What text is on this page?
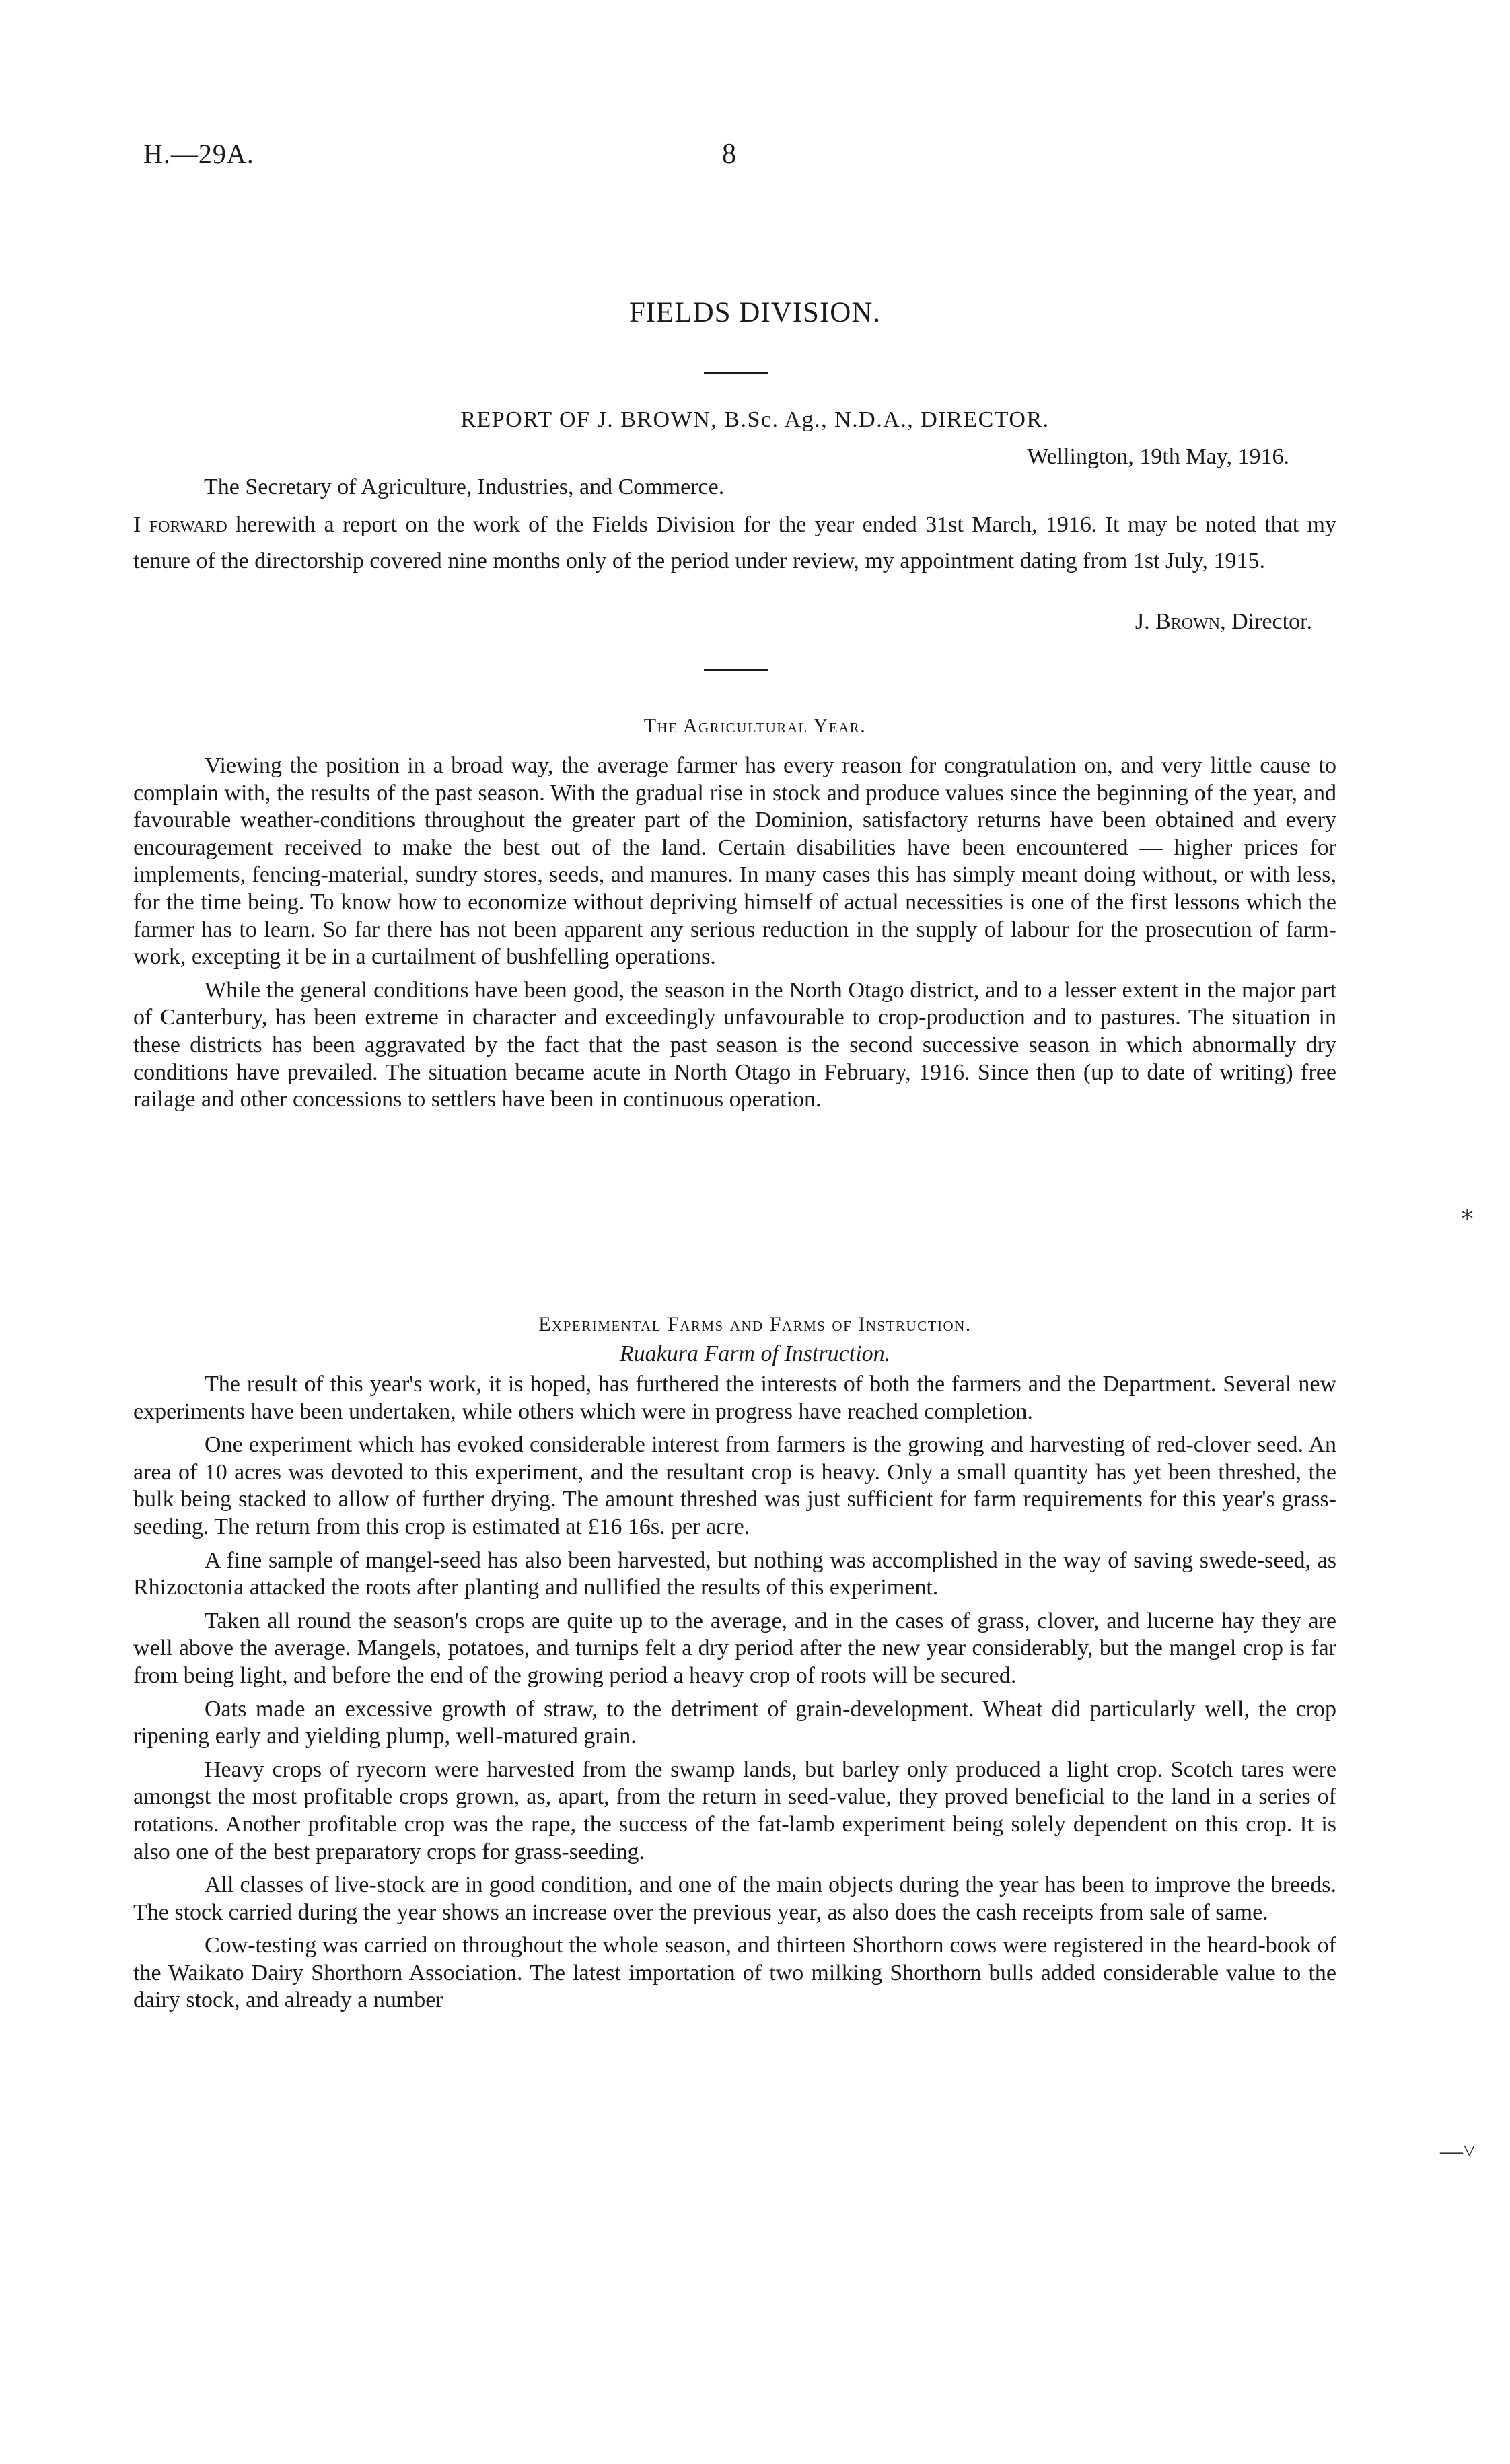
H.—29A.	8
FIELDS DIVISION.
REPORT OF J. BROWN, B.Sc. Ag., N.D.A., DIRECTOR.
Wellington, 19th May, 1916.
The Secretary of Agriculture, Industries, and Commerce.
I forward herewith a report on the work of the Fields Division for the year ended 31st March, 1916. It may be noted that my tenure of the directorship covered nine months only of the period under review, my appointment dating from 1st July, 1915.
J. Brown, Director.
The Agricultural Year.

Viewing the position in a broad way, the average farmer has every reason for congratulation on, and very little cause to complain with, the results of the past season. With the gradual rise in stock and produce values since the beginning of the year, and favourable weather-conditions throughout the greater part of the Dominion, satisfactory returns have been obtained and every encouragement received to make the best out of the land. Certain disabilities have been encountered — higher prices for implements, fencing-material, sundry stores, seeds, and manures. In many cases this has simply meant doing without, or with less, for the time being. To know how to economize without depriving himself of actual necessities is one of the first lessons which the farmer has to learn. So far there has not been apparent any serious reduction in the supply of labour for the prosecution of farm-work, excepting it be in a curtailment of bushfelling operations.

While the general conditions have been good, the season in the North Otago district, and to a lesser extent in the major part of Canterbury, has been extreme in character and exceedingly unfavourable to crop-production and to pastures. The situation in these districts has been aggravated by the fact that the past season is the second successive season in which abnormally dry conditions have prevailed. The situation became acute in North Otago in February, 1916. Since then (up to date of writing) free railage and other concessions to settlers have been in continuous operation.

Experimental Farms and Farms of Instruction.
Ruakura Farm of Instruction.

The result of this year's work, it is hoped, has furthered the interests of both the farmers and the Department. Several new experiments have been undertaken, while others which were in progress have reached completion.

One experiment which has evoked considerable interest from farmers is the growing and harvesting of red-clover seed. An area of 10 acres was devoted to this experiment, and the resultant crop is heavy. Only a small quantity has yet been threshed, the bulk being stacked to allow of further drying. The amount threshed was just sufficient for farm requirements for this year's grass-seeding. The return from this crop is estimated at £16 16s. per acre.

A fine sample of mangel-seed has also been harvested, but nothing was accomplished in the way of saving swede-seed, as Rhizoctonia attacked the roots after planting and nullified the results of this experiment.

Taken all round the season's crops are quite up to the average, and in the cases of grass, clover, and lucerne hay they are well above the average. Mangels, potatoes, and turnips felt a dry period after the new year considerably, but the mangel crop is far from being light, and before the end of the growing period a heavy crop of roots will be secured.

Oats made an excessive growth of straw, to the detriment of grain-development. Wheat did particularly well, the crop ripening early and yielding plump, well-matured grain.

Heavy crops of ryecorn were harvested from the swamp lands, but barley only produced a light crop. Scotch tares were amongst the most profitable crops grown, as, apart, from the return in seed-value, they proved beneficial to the land in a series of rotations. Another profitable crop was the rape, the success of the fat-lamb experiment being solely dependent on this crop. It is also one of the best preparatory crops for grass-seeding.

All classes of live-stock are in good condition, and one of the main objects during the year has been to improve the breeds. The stock carried during the year shows an increase over the previous year, as also does the cash receipts from sale of same.

Cow-testing was carried on throughout the whole season, and thirteen Shorthorn cows were registered in the heard-book of the Waikato Dairy Shorthorn Association. The latest importation of two milking Shorthorn bulls added considerable value to the dairy stock, and already a number

⁎
—˅
